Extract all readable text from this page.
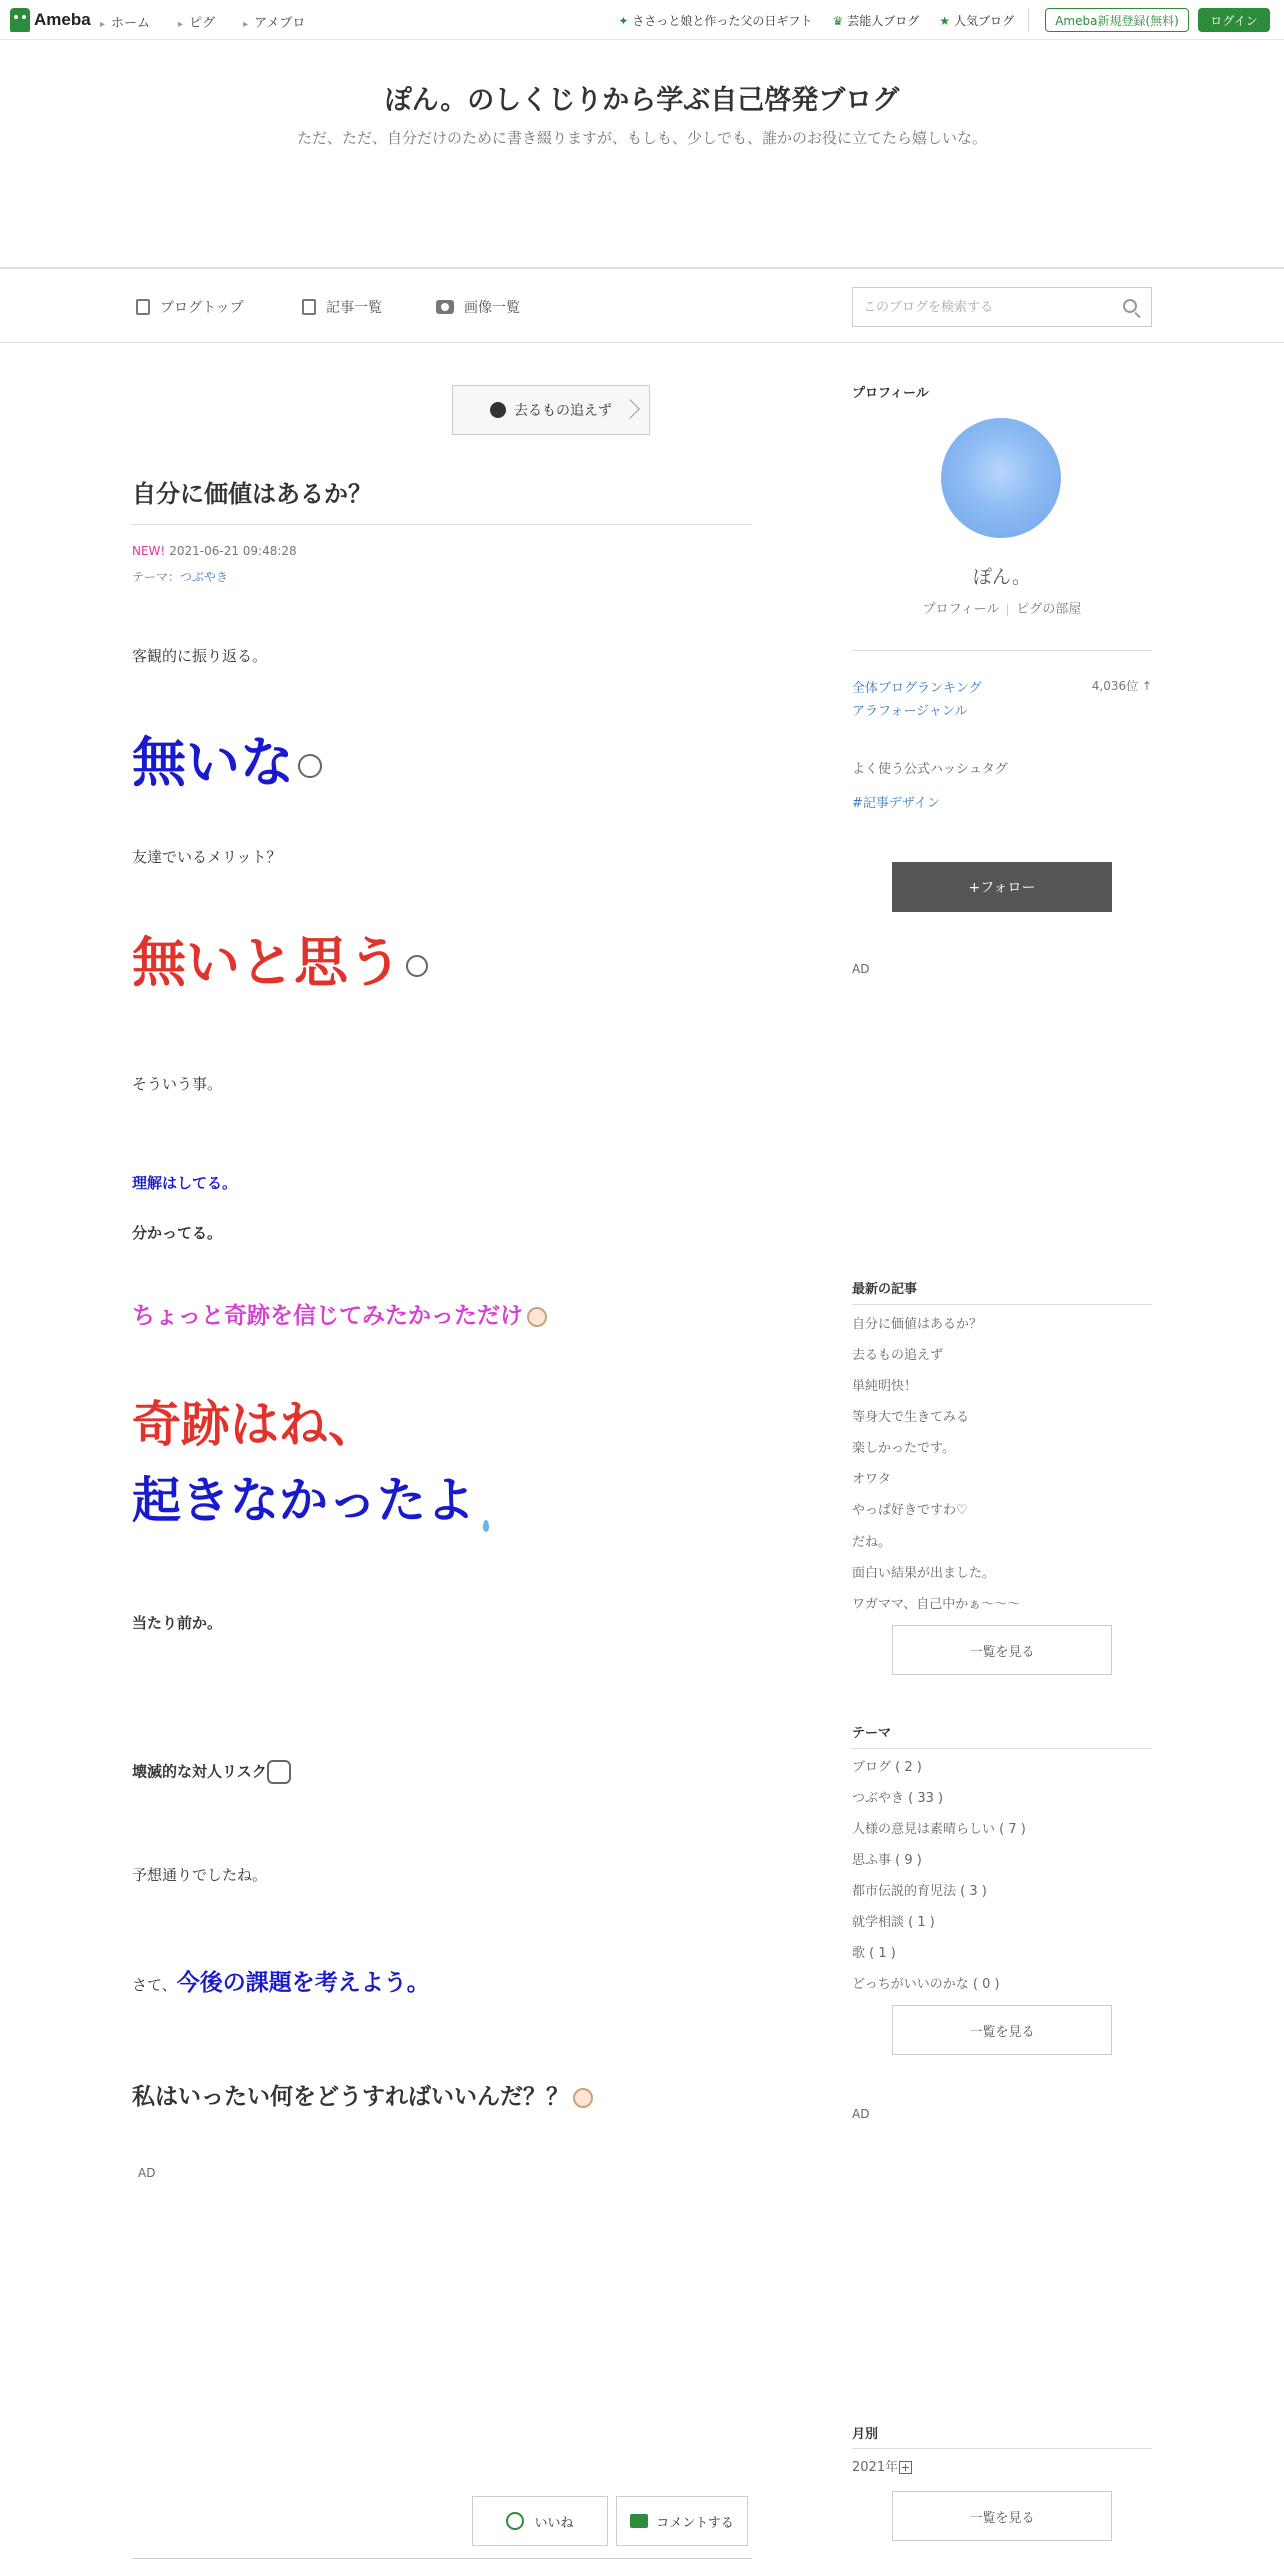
Ameba	▸ ホーム	▸ ピグ	▸ アメブロ	✦ ささっと娘と作った父の日ギフト ♛ 芸能人ブログ ★ 人気ブログ	Ameba新規登録(無料)	ログイン
ぽん。のしくじりから学ぶ自己啓発ブログ
ただ、ただ、自分だけのために書き綴りますが、もしも、少しでも、誰かのお役に立てたら嬉しいな。
ブログトップ	記事一覧	画像一覧
このブログを検索する
去るもの追えず
自分に価値はあるか？
NEW! 2021-06-21 09:48:28
テーマ：つぶやき
客観的に振り返る。
無いな
友達でいるメリット？
無いと思う
そういう事。
理解はしてる。
分かってる。
ちょっと奇跡を信じてみたかっただけ
奇跡はね、
起きなかったよ
当たり前か。
壊滅的な対人リスク
予想通りでしたね。
さて、今後の課題を考えよう。
私はいったい何をどうすればいいんだ？？
AD
いいね	コメントする
プロフィール
ぽん。
プロフィール ピグの部屋
全体ブログランキング
アラフォージャンル
4,036位 ↑
よく使う公式ハッシュタグ
#記事デザイン
+フォロー
AD
最新の記事
自分に価値はあるか？
去るもの追えず
単純明快！
等身大で生きてみる
楽しかったです。
オワタ
やっぱ好きですわ♡
だね。
面白い結果が出ました。
ワガママ、自己中かぁ〜〜〜
一覧を見る
テーマ
ブログ ( 2 )
つぶやき ( 33 )
人様の意見は素晴らしい ( 7 )
思ふ事 ( 9 )
都市伝説的育児法 ( 3 )
就学相談 ( 1 )
歌 ( 1 )
どっちがいいのかな ( 0 )
一覧を見る
AD
月別
2021年
一覧を見る
